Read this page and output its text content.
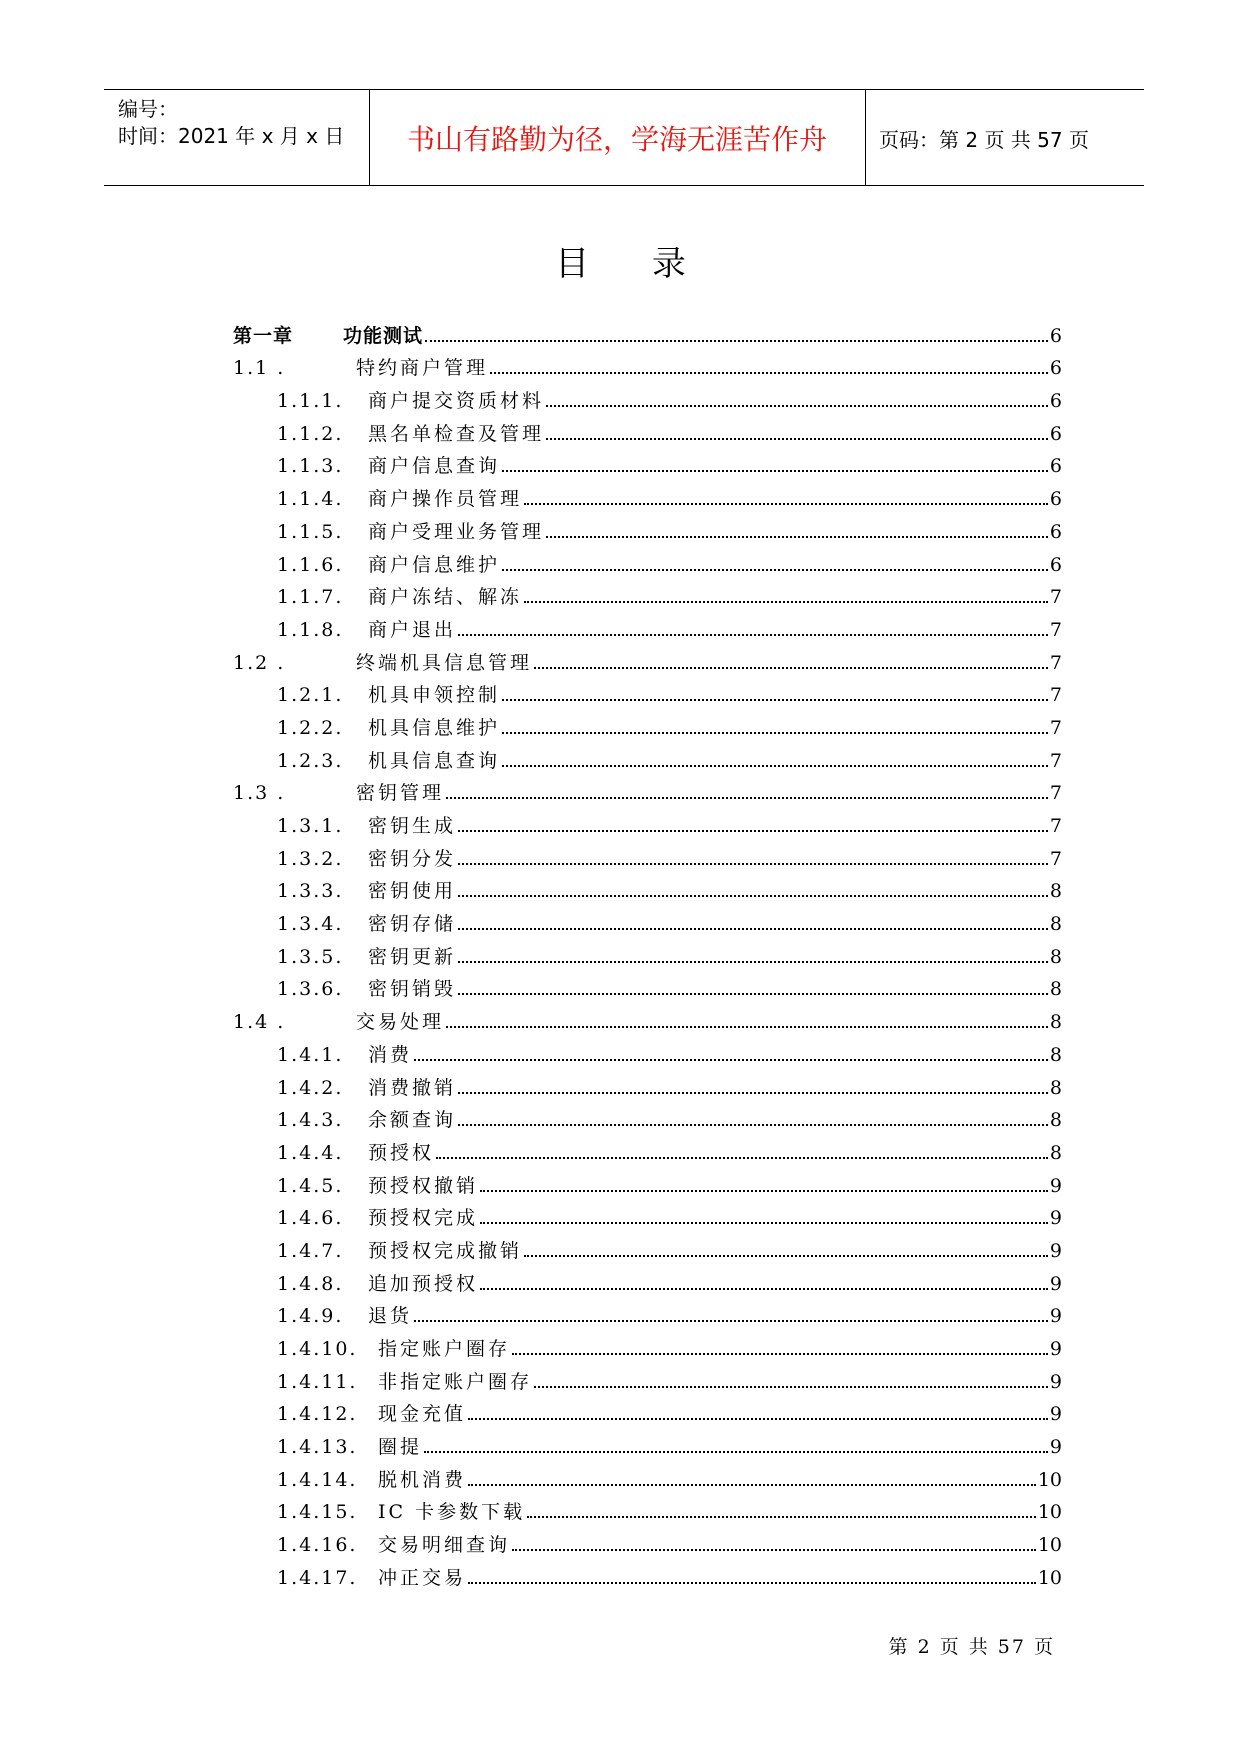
编号：
时间：2021 年 x 月 x 日	书山有路勤为径，学海无涯苦作舟	页码：第 2 页 共 57 页
目 录
第一章	功能测试	6
1.1 .	特约商户管理	6
1.1.1.	商户提交资质材料	6
1.1.2.	黑名单检查及管理	6
1.1.3.	商户信息查询	6
1.1.4.	商户操作员管理	6
1.1.5.	商户受理业务管理	6
1.1.6.	商户信息维护	6
1.1.7.	商户冻结、解冻	7
1.1.8.	商户退出	7
1.2 .	终端机具信息管理	7
1.2.1.	机具申领控制	7
1.2.2.	机具信息维护	7
1.2.3.	机具信息查询	7
1.3 .	密钥管理	7
1.3.1.	密钥生成	7
1.3.2.	密钥分发	7
1.3.3.	密钥使用	8
1.3.4.	密钥存储	8
1.3.5.	密钥更新	8
1.3.6.	密钥销毁	8
1.4 .	交易处理	8
1.4.1.	消费	8
1.4.2.	消费撤销	8
1.4.3.	余额查询	8
1.4.4.	预授权	8
1.4.5.	预授权撤销	9
1.4.6.	预授权完成	9
1.4.7.	预授权完成撤销	9
1.4.8.	追加预授权	9
1.4.9.	退货	9
1.4.10.	指定账户圈存	9
1.4.11.	非指定账户圈存	9
1.4.12.	现金充值	9
1.4.13.	圈提	9
1.4.14.	脱机消费	10
1.4.15.	IC 卡参数下载	10
1.4.16.	交易明细查询	10
1.4.17.	冲正交易	10
第 2 页 共 57 页
